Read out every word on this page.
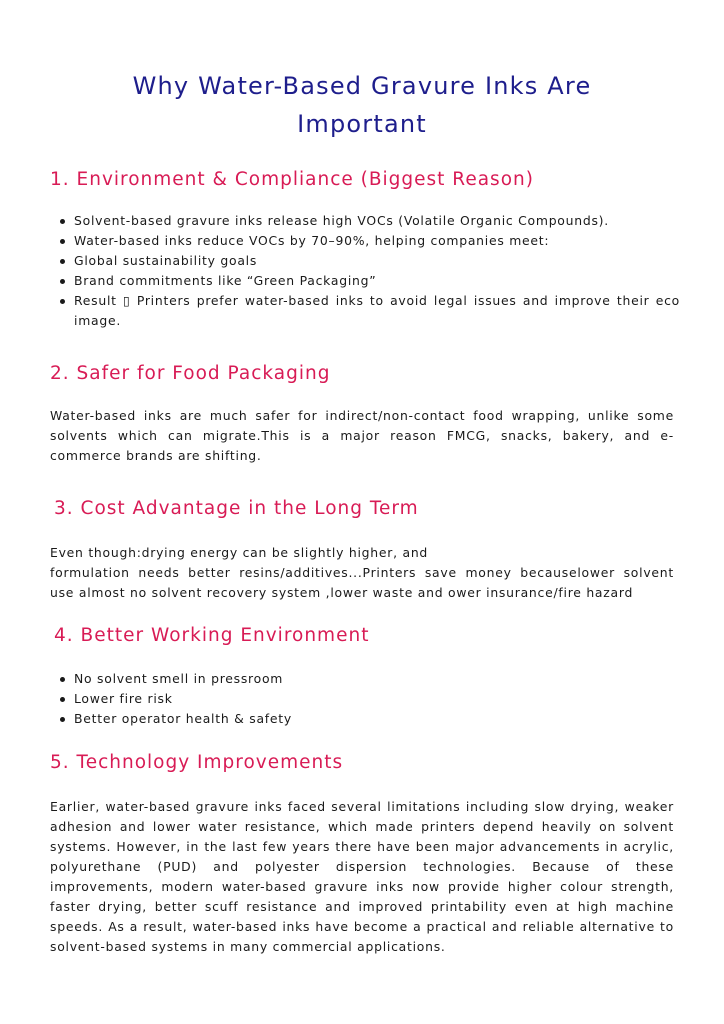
Why Water-Based Gravure Inks Are
Important
1. Environment & Compliance (Biggest Reason)
Solvent-based gravure inks release high VOCs (Volatile Organic Compounds).
Water-based inks reduce VOCs by 70–90%, helping companies meet:
Global sustainability goals
Brand commitments like “Green Packaging”
Result ▯ Printers prefer water-based inks to avoid legal issues and improve their eco image.
2. Safer for Food Packaging

Water-based inks are much safer for indirect/non-contact food wrapping, unlike some solvents which can migrate.This is a major reason FMCG, snacks, bakery, and e-commerce brands are shifting.

3. Cost Advantage in the Long Term

Even though:drying energy can be slightly higher, and
formulation needs better resins/additives...Printers save money becauselower solvent use almost no solvent recovery system ,lower waste and ower insurance/fire hazard

4. Better Working Environment
No solvent smell in pressroom
Lower fire risk
Better operator health & safety
5. Technology Improvements

Earlier, water-based gravure inks faced several limitations including slow drying, weaker adhesion and lower water resistance, which made printers depend heavily on solvent systems. However, in the last few years there have been major advancements in acrylic, polyurethane (PUD) and polyester dispersion technologies. Because of these improvements, modern water-based gravure inks now provide higher colour strength, faster drying, better scuff resistance and improved printability even at high machine speeds. As a result, water-based inks have become a practical and reliable alternative to solvent-based systems in many commercial applications.
